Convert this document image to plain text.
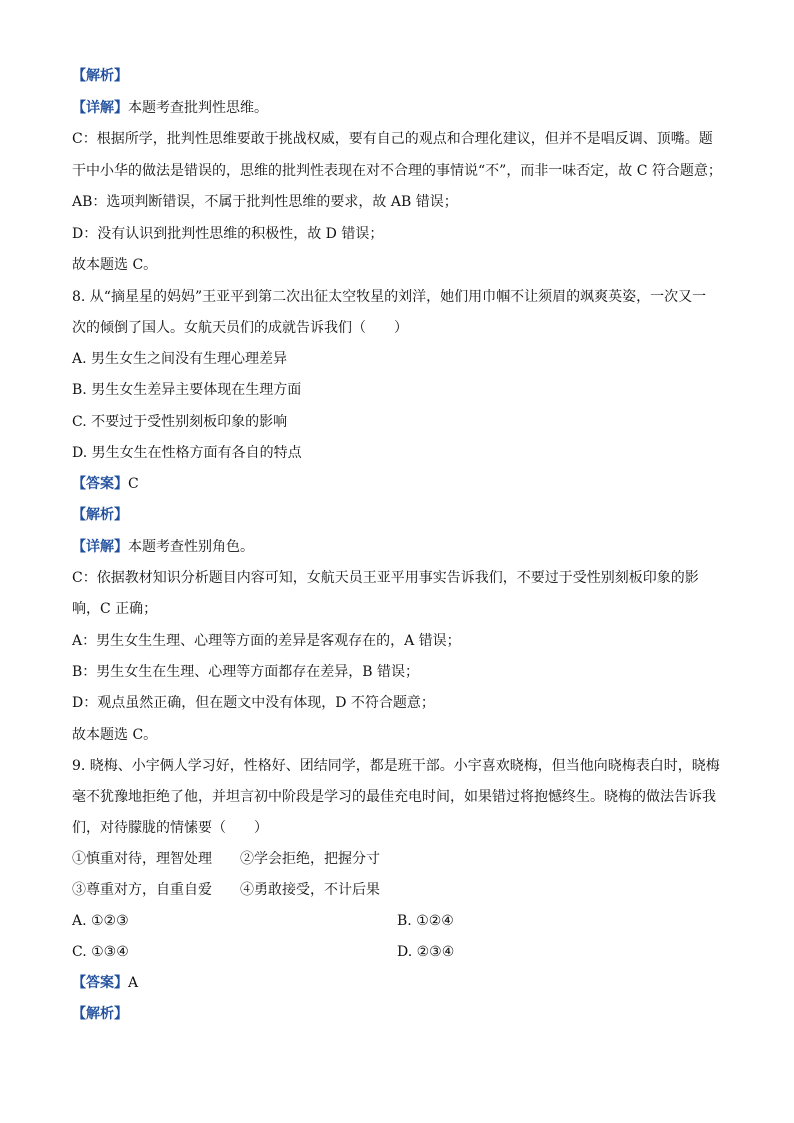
【解析】
【详解】本题考查批判性思维。
C：根据所学，批判性思维要敢于挑战权威，要有自己的观点和合理化建议，但并不是唱反调、顶嘴。题
干中小华的做法是错误的，思维的批判性表现在对不合理的事情说“不”，而非一味否定，故 C 符合题意；
AB：选项判断错误，不属于批判性思维的要求，故 AB 错误；
D：没有认识到批判性思维的积极性，故 D 错误；
故本题选 C。
8. 从“摘星星的妈妈”王亚平到第二次出征太空牧星的刘洋，她们用巾帼不让须眉的飒爽英姿，一次又一
次的倾倒了国人。女航天员们的成就告诉我们（　　）
A. 男生女生之间没有生理心理差异
B. 男生女生差异主要体现在生理方面
C. 不要过于受性别刻板印象的影响
D. 男生女生在性格方面有各自的特点
【答案】C
【解析】
【详解】本题考查性别角色。
C：依据教材知识分析题目内容可知，女航天员王亚平用事实告诉我们，不要过于受性别刻板印象的影
响，C 正确；
A：男生女生生理、心理等方面的差异是客观存在的，A 错误；
B：男生女生在生理、心理等方面都存在差异，B 错误；
D：观点虽然正确，但在题文中没有体现，D 不符合题意；
故本题选 C。
9. 晓梅、小宇俩人学习好，性格好、团结同学，都是班干部。小宇喜欢晓梅，但当他向晓梅表白时，晓梅
毫不犹豫地拒绝了他，并坦言初中阶段是学习的最佳充电时间，如果错过将抱憾终生。晓梅的做法告诉我
们，对待朦胧的情愫要（　　）
①慎重对待，理智处理　　②学会拒绝，把握分寸
③尊重对方，自重自爱　　④勇敢接受，不计后果
A. ①②③	B. ①②④
C. ①③④	D. ②③④
【答案】A
【解析】
